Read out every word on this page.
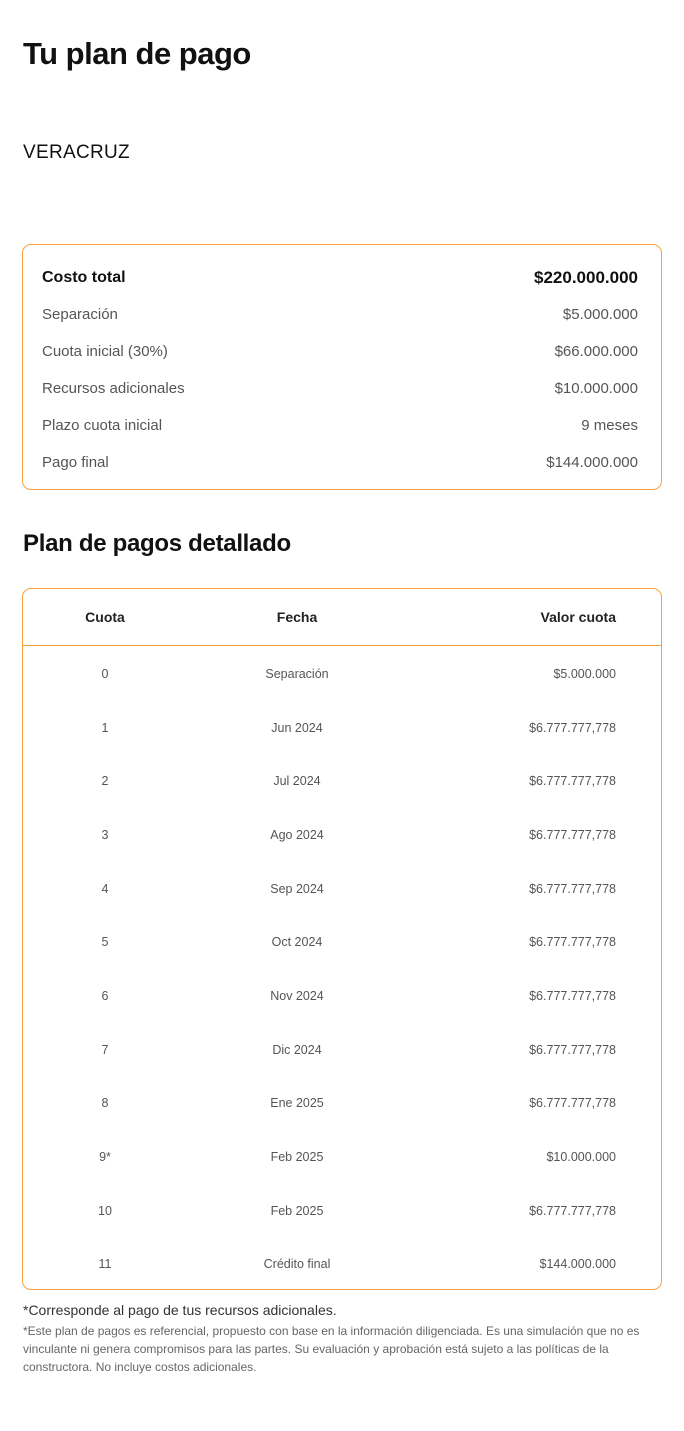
Tu plan de pago
VERACRUZ
Costo total	$220.000.000
Separación	$5.000.000
Cuota inicial (30%)	$66.000.000
Recursos adicionales	$10.000.000
Plazo cuota inicial	9 meses
Pago final	$144.000.000
Plan de pagos detallado
Cuota	Fecha	Valor cuota
0	Separación	$5.000.000
1	Jun 2024	$6.777.777,778
2	Jul 2024	$6.777.777,778
3	Ago 2024	$6.777.777,778
4	Sep 2024	$6.777.777,778
5	Oct 2024	$6.777.777,778
6	Nov 2024	$6.777.777,778
7	Dic 2024	$6.777.777,778
8	Ene 2025	$6.777.777,778
9*	Feb 2025	$10.000.000
10	Feb 2025	$6.777.777,778
11	Crédito final	$144.000.000
*Corresponde al pago de tus recursos adicionales.
*Este plan de pagos es referencial, propuesto con base en la información diligenciada. Es una simulación que no es vinculante ni genera compromisos para las partes. Su evaluación y aprobación está sujeto a las políticas de la constructora. No incluye costos adicionales.
